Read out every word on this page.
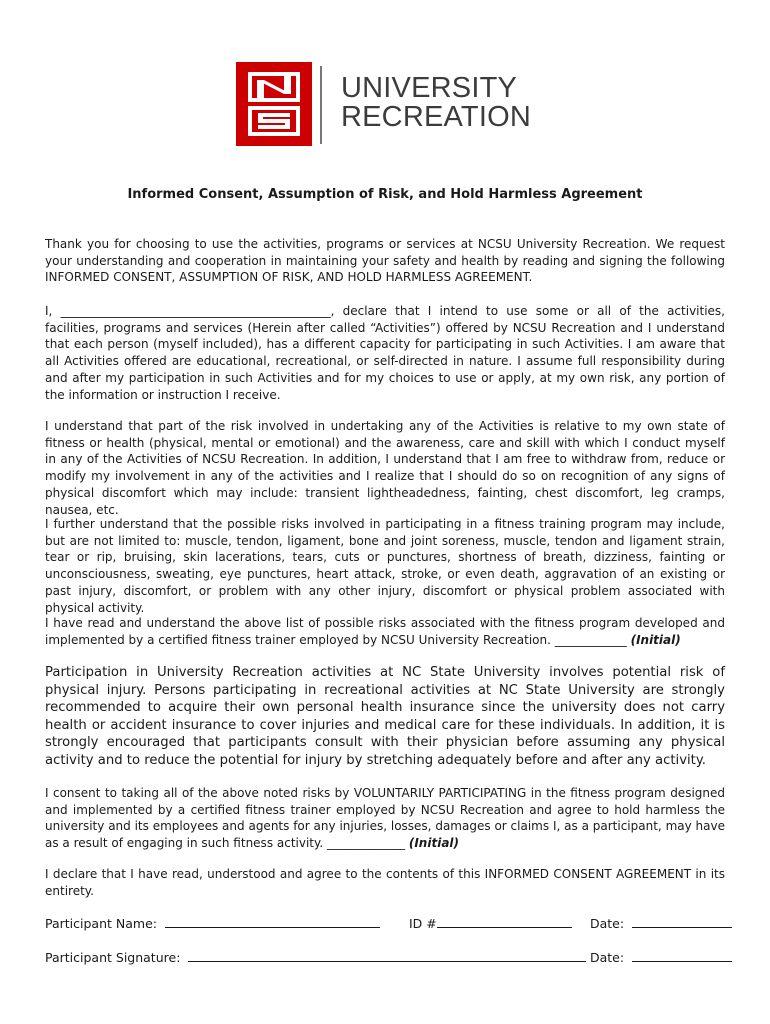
UNIVERSITY
RECREATION
Informed Consent, Assumption of Risk, and Hold Harmless Agreement

Thank you for choosing to use the activities, programs or services at NCSU University Recreation. We request your understanding and cooperation in maintaining your safety and health by reading and signing the following INFORMED CONSENT, ASSUMPTION OF RISK, AND HOLD HARMLESS AGREEMENT.

I, _____________________________________________, declare that I intend to use some or all of the activities, facilities, programs and services (Herein after called “Activities”) offered by NCSU Recreation and I understand that each person (myself included), has a different capacity for participating in such Activities. I am aware that all Activities offered are educational, recreational, or self-directed in nature. I assume full responsibility during and after my participation in such Activities and for my choices to use or apply, at my own risk, any portion of the information or instruction I receive.

I understand that part of the risk involved in undertaking any of the Activities is relative to my own state of fitness or health (physical, mental or emotional) and the awareness, care and skill with which I conduct myself in any of the Activities of NCSU Recreation. In addition, I understand that I am free to withdraw from, reduce or modify my involvement in any of the activities and I realize that I should do so on recognition of any signs of physical discomfort which may include: transient lightheadedness, fainting, chest discomfort, leg cramps, nausea, etc.

I further understand that the possible risks involved in participating in a fitness training program may include, but are not limited to: muscle, tendon, ligament, bone and joint soreness, muscle, tendon and ligament strain, tear or rip, bruising, skin lacerations, tears, cuts or punctures, shortness of breath, dizziness, fainting or unconsciousness, sweating, eye punctures, heart attack, stroke, or even death, aggravation of an existing or past injury, discomfort, or problem with any other injury, discomfort or physical problem associated with physical activity.

I have read and understand the above list of possible risks associated with the fitness program developed and implemented by a certified fitness trainer employed by NCSU University Recreation. ____________ (Initial)

Participation in University Recreation activities at NC State University involves potential risk of physical injury. Persons participating in recreational activities at NC State University are strongly recommended to acquire their own personal health insurance since the university does not carry health or accident insurance to cover injuries and medical care for these individuals. In addition, it is strongly encouraged that participants consult with their physician before assuming any physical activity and to reduce the potential for injury by stretching adequately before and after any activity.

I consent to taking all of the above noted risks by VOLUNTARILY PARTICIPATING in the fitness program designed and implemented by a certified fitness trainer employed by NCSU Recreation and agree to hold harmless the university and its employees and agents for any injuries, losses, damages or claims I, as a participant, may have as a result of engaging in such fitness activity. _____________ (Initial)

I declare that I have read, understood and agree to the contents of this INFORMED CONSENT AGREEMENT in its entirety.

Participant Name:	ID #	Date:
Participant Signature:	Date:
